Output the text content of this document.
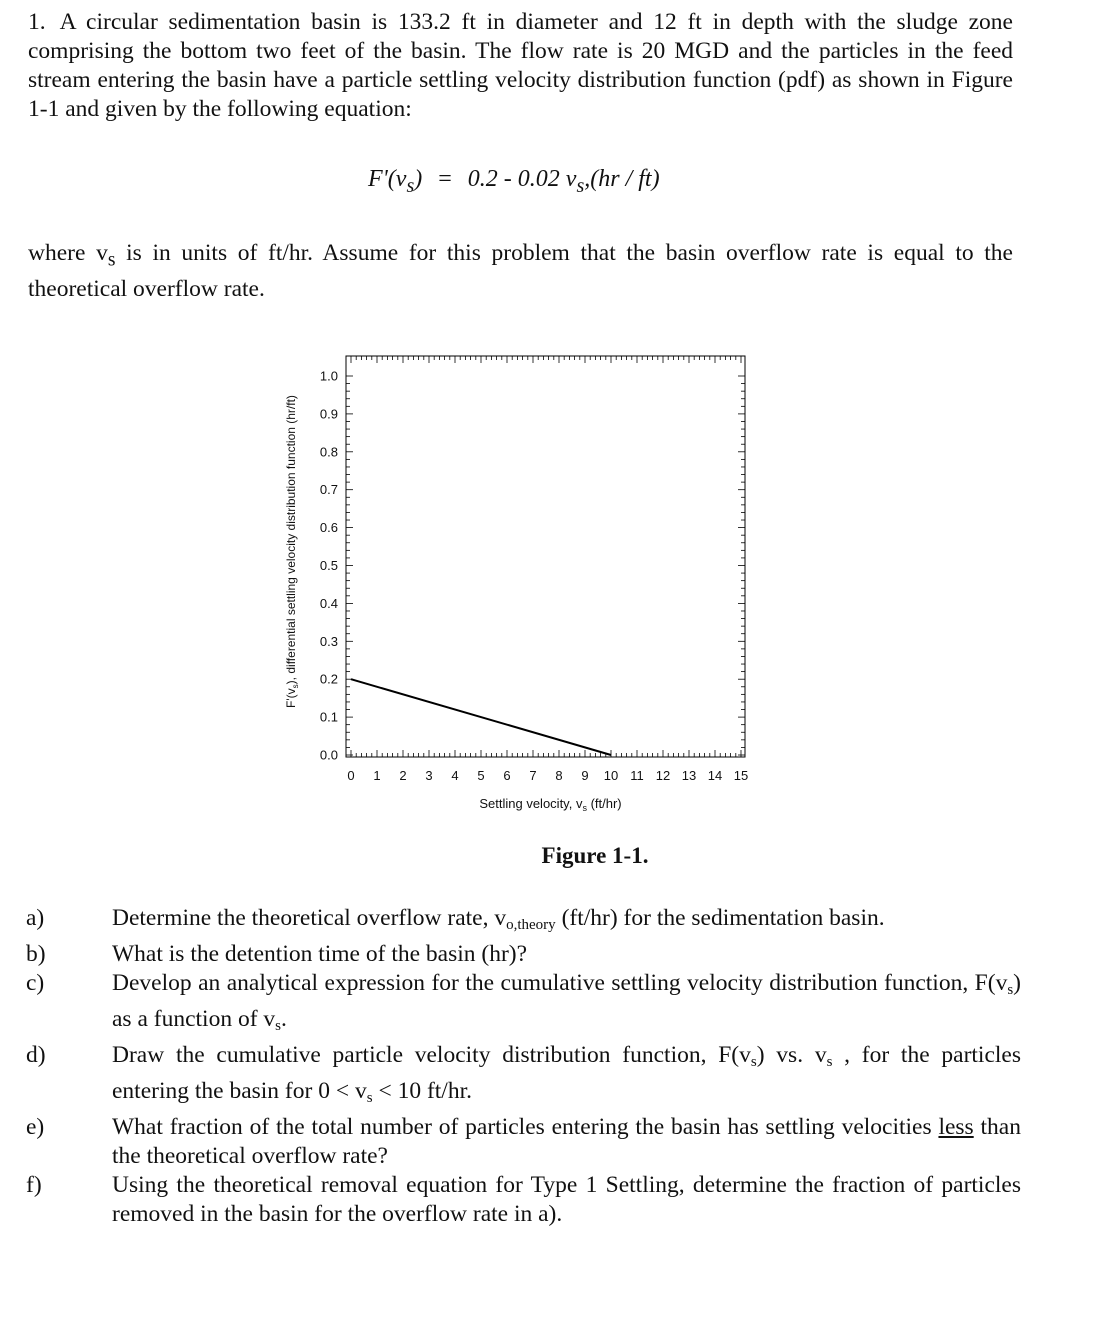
1. A circular sedimentation basin is 133.2 ft in diameter and 12 ft in depth with the sludge zone comprising the bottom two feet of the basin. The flow rate is 20 MGD and the particles in the feed stream entering the basin have a particle settling velocity distribution function (pdf) as shown in Figure 1-1 and given by the following equation:
$F'(v_s) = 0.2 - 0.02$ $v_s,(hr / ft)$
where $v_s$ is in units of ft/hr. Assume for this problem that the basin overflow rate is equal to the theoretical overflow rate.
0.0
0.1
0.2
0.3
0.4
0.5
0.6
0.7
0.8
0.9
1.0
0 1 2 3 4 5 6 7 8 9 10 11 12 13 14 15
Settling velocity, $v_s$ (ft/hr)
$F'(v_s)$, differential settling velocity distribution function (hr/ft)
Figure 1-1.
a)	Determine the theoretical overflow rate, $v_{o,theory}$ (ft/hr) for the sedimentation basin.
b)	What is the detention time of the basin (hr)?
c)	Develop an analytical expression for the cumulative settling velocity distribution function, $F(v_s)$ as a function of $v_s$.
d)	Draw the cumulative particle velocity distribution function, $F(v_s)$ vs. $v_s$ , for the particles entering the basin for $0 < v_s < 10$ ft/hr.
e)	What fraction of the total number of particles entering the basin has settling velocities less than the theoretical overflow rate?
f)	Using the theoretical removal equation for Type 1 Settling, determine the fraction of particles removed in the basin for the overflow rate in a).
